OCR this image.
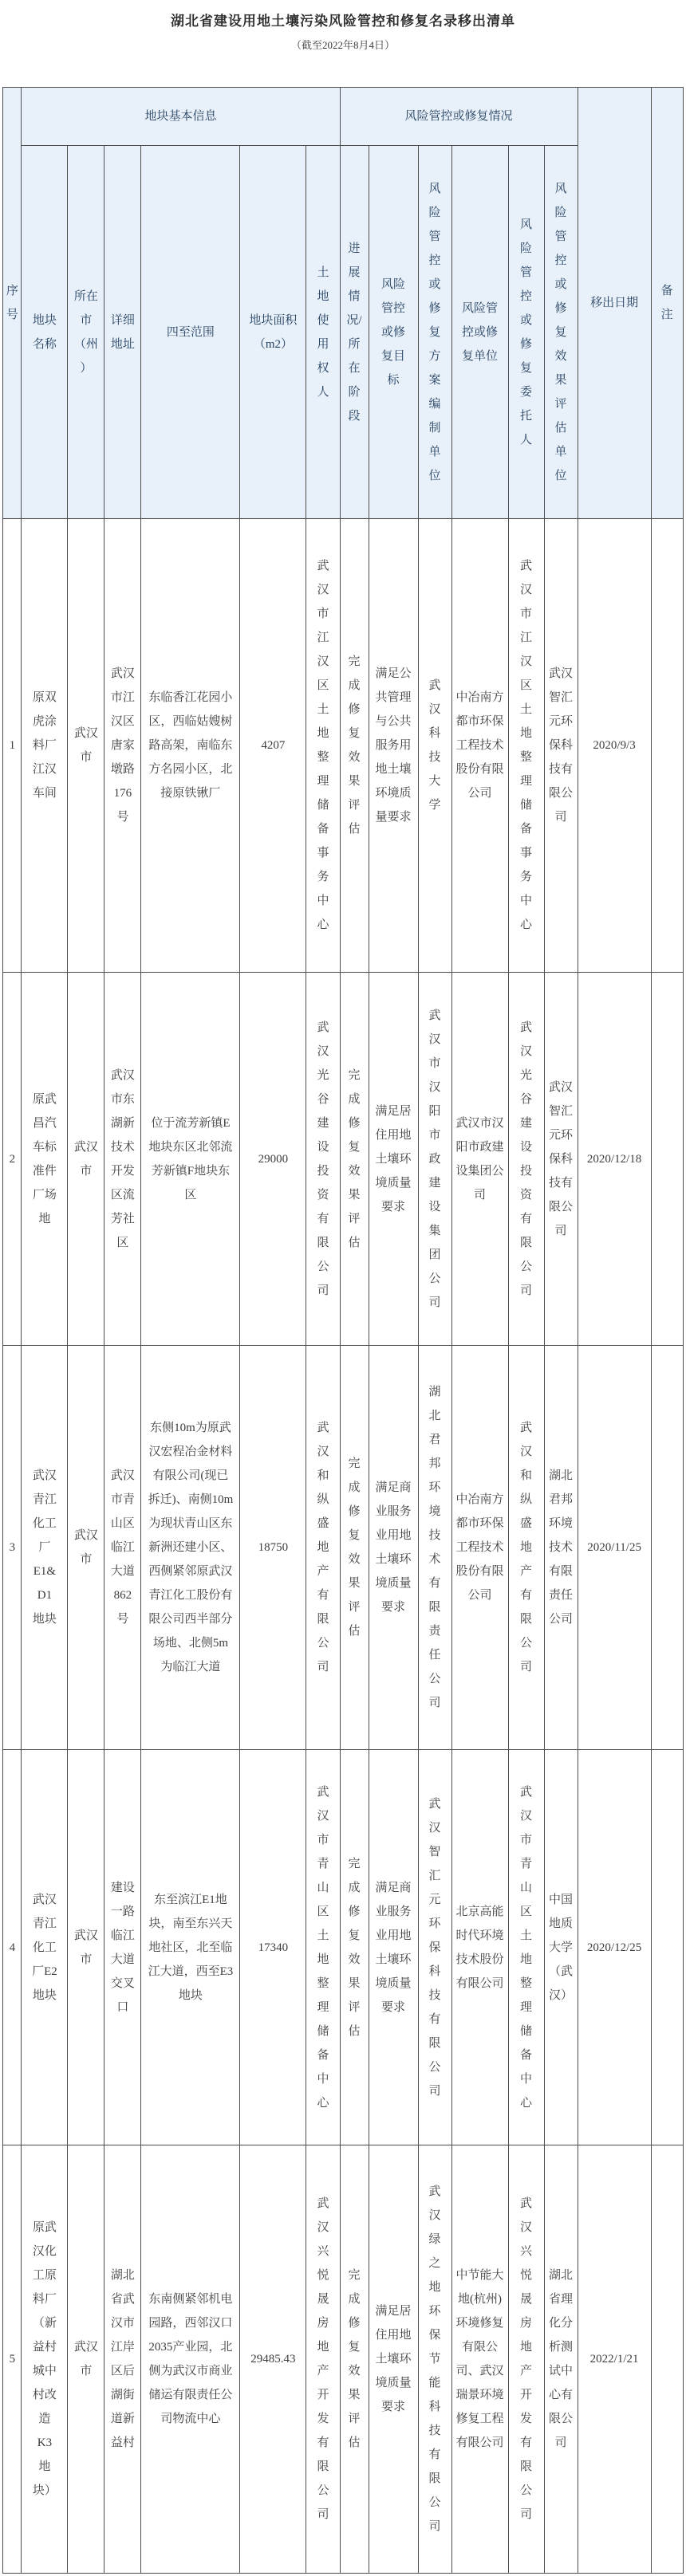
湖北省建设用地土壤污染风险管控和修复名录移出清单
（截至2022年8月4日）
序号	地块基本信息						风险管控或修复情况						移出日期	备注
	地块名称	所在市（州）	详细地址	四至范围	地块面积（m2）	土地使用权人	进展情况/所在阶段	风险管控或修复目标	风险管控或修复方案编制单位	风险管控或修复单位	风险管控或修复委托人	风险管控或修复效果评估单位		
1	原双虎涂料厂江汉车间	武汉市	武汉市江汉区唐家墩路176号	东临香江花园小区，西临姑嫂树路高架，南临东方名园小区，北接原铁锹厂	4207	武汉市江汉区土地整理储备事务中心	完成修复效果评估	满足公共管理与公共服务用地土壤环境质量要求	武汉科技大学	中冶南方都市环保工程技术股份有限公司	武汉市江汉区土地整理储备事务中心	武汉智汇元环保科技有限公司	2020/9/3	
2	原武昌汽车标准件厂场地	武汉市	武汉市东湖新技术开发区流芳社区	位于流芳新镇E地块东区北邻流芳新镇F地块东区	29000	武汉光谷建设投资有限公司	完成修复效果评估	满足居住用地土壤环境质量要求	武汉市汉阳市政建设集团公司	武汉市汉阳市政建设集团公司	武汉光谷建设投资有限公司	武汉智汇元环保科技有限公司	2020/12/18	
3	武汉青江化工厂E1&D1地块	武汉市	武汉市青山区临江大道862号	东侧10m为原武汉宏程冶金材料有限公司(现已拆迁)、南侧10m为现状青山区东新洲还建小区、西侧紧邻原武汉青江化工股份有限公司西半部分场地、北侧5m为临江大道	18750	武汉和纵盛地产有限公司	完成修复效果评估	满足商业服务业用地土壤环境质量要求	湖北君邦环境技术有限责任公司	中冶南方都市环保工程技术股份有限公司	武汉和纵盛地产有限公司	湖北君邦环境技术有限责任公司	2020/11/25	
4	武汉青江化工厂E2地块	武汉市	建设一路临江大道交叉口	东至滨江E1地块，南至东兴天地社区，北至临江大道，西至E3地块	17340	武汉市青山区土地整理储备中心	完成修复效果评估	满足商业服务业用地土壤环境质量要求	武汉智汇元环保科技有限公司	北京高能时代环境技术股份有限公司	武汉市青山区土地整理储备中心	中国地质大学（武汉）	2020/12/25	
5	原武汉化工原料厂（新益村城中村改造K3地块）	武汉市	湖北省武汉市江岸区后湖街道新益村	东南侧紧邻机电园路，西邻汉口2035产业园，北侧为武汉市商业储运有限责任公司物流中心	29485.43	武汉兴悦晟房地产开发有限公司	完成修复效果评估	满足居住用地土壤环境质量要求	武汉绿之地环保节能科技有限公司	中节能大地(杭州)环境修复有限公司、武汉瑞景环境修复工程有限公司	武汉兴悦晟房地产开发有限公司	湖北省理化分析测试中心有限公司	2022/1/21	
